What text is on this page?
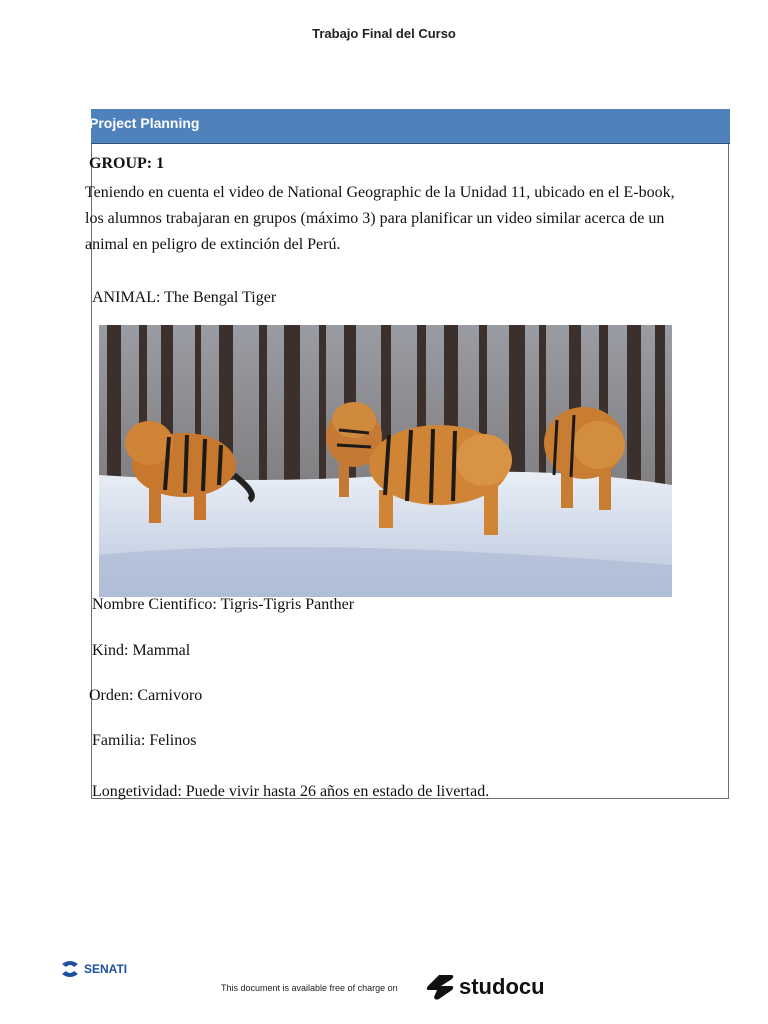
Trabajo Final del Curso
Project Planning
GROUP: 1
Teniendo en cuenta el video de National Geographic de la Unidad 11, ubicado en el E-book, los alumnos trabajaran en grupos (máximo 3) para planificar un video similar acerca de un animal en peligro de extinción del Perú.
ANIMAL: The Bengal Tiger
Nombre Cientifico: Tigris-Tigris Panther
Kind: Mammal
Orden: Carnivoro
Familia: Felinos
Longetividad: Puede vivir hasta 26 años en estado de livertad.
SENATI
This document is available free of charge on	studocu
